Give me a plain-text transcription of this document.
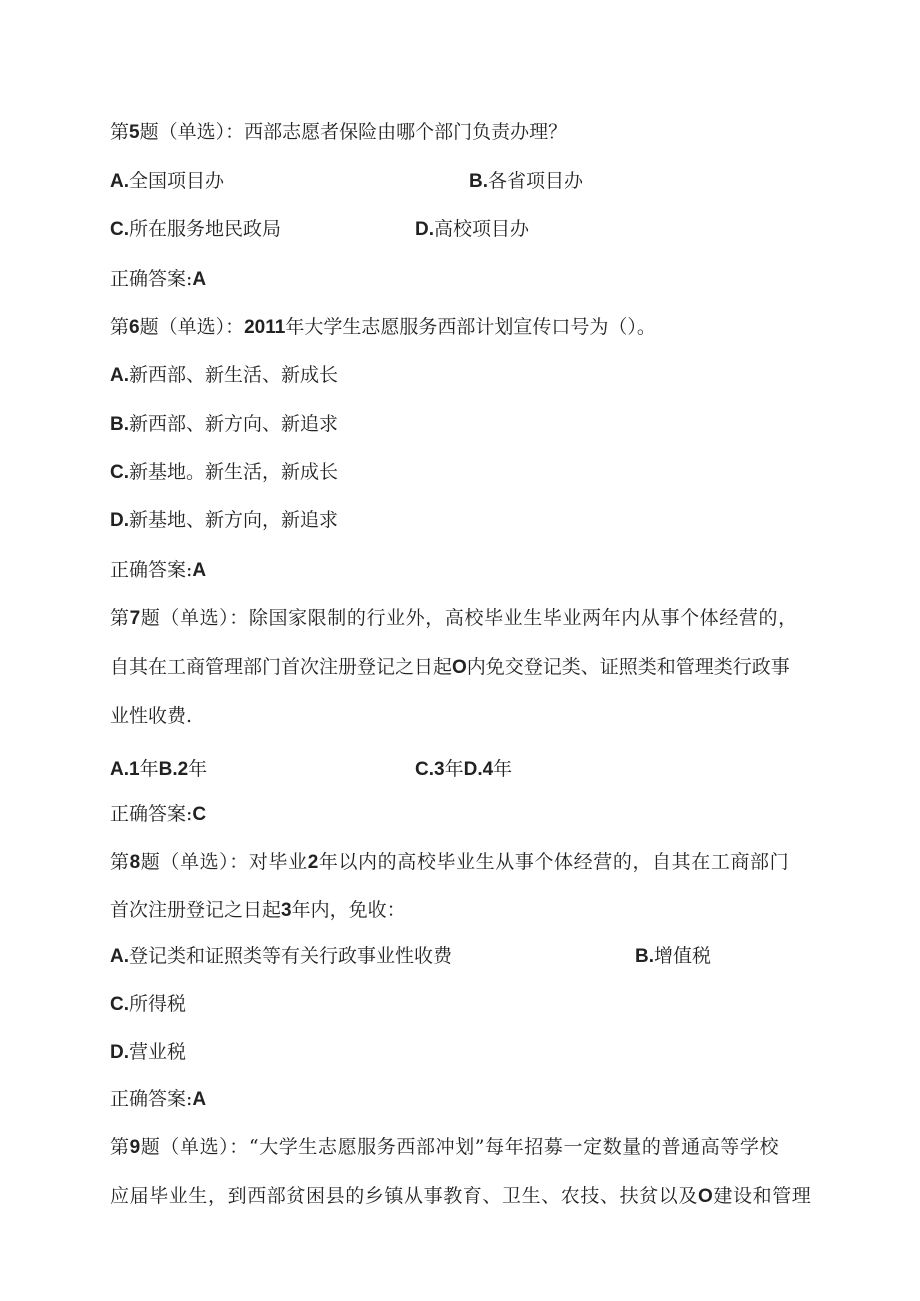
第5题（单选）：西部志愿者保险由哪个部门负责办理？
A.全国项目办	B.各省项目办
C.所在服务地民政局	D.高校项目办
正确答案:A
第6题（单选）：2011年大学生志愿服务西部计划宣传口号为（）。
A.新西部、新生活、新成长
B.新西部、新方向、新追求
C.新基地。新生活，新成长
D.新基地、新方向，新追求
正确答案:A
第7题（单选）：除国家限制的行业外，高校毕业生毕业两年内从事个体经营的，
自其在工商管理部门首次注册登记之日起O内免交登记类、证照类和管理类行政事
业性收费.
A.1年B.2年	C.3年D.4年
正确答案:C
第8题（单选）：对毕业2年以内的高校毕业生从事个体经营的，自其在工商部门
首次注册登记之日起3年内，免收：
A.登记类和证照类等有关行政事业性收费	B.增值税
C.所得税
D.营业税
正确答案:A
第9题（单选）：“大学生志愿服务西部冲划”每年招募一定数量的普通高等学校
应届毕业生，到西部贫困县的乡镇从事教育、卫生、农技、扶贫以及O建设和管理
